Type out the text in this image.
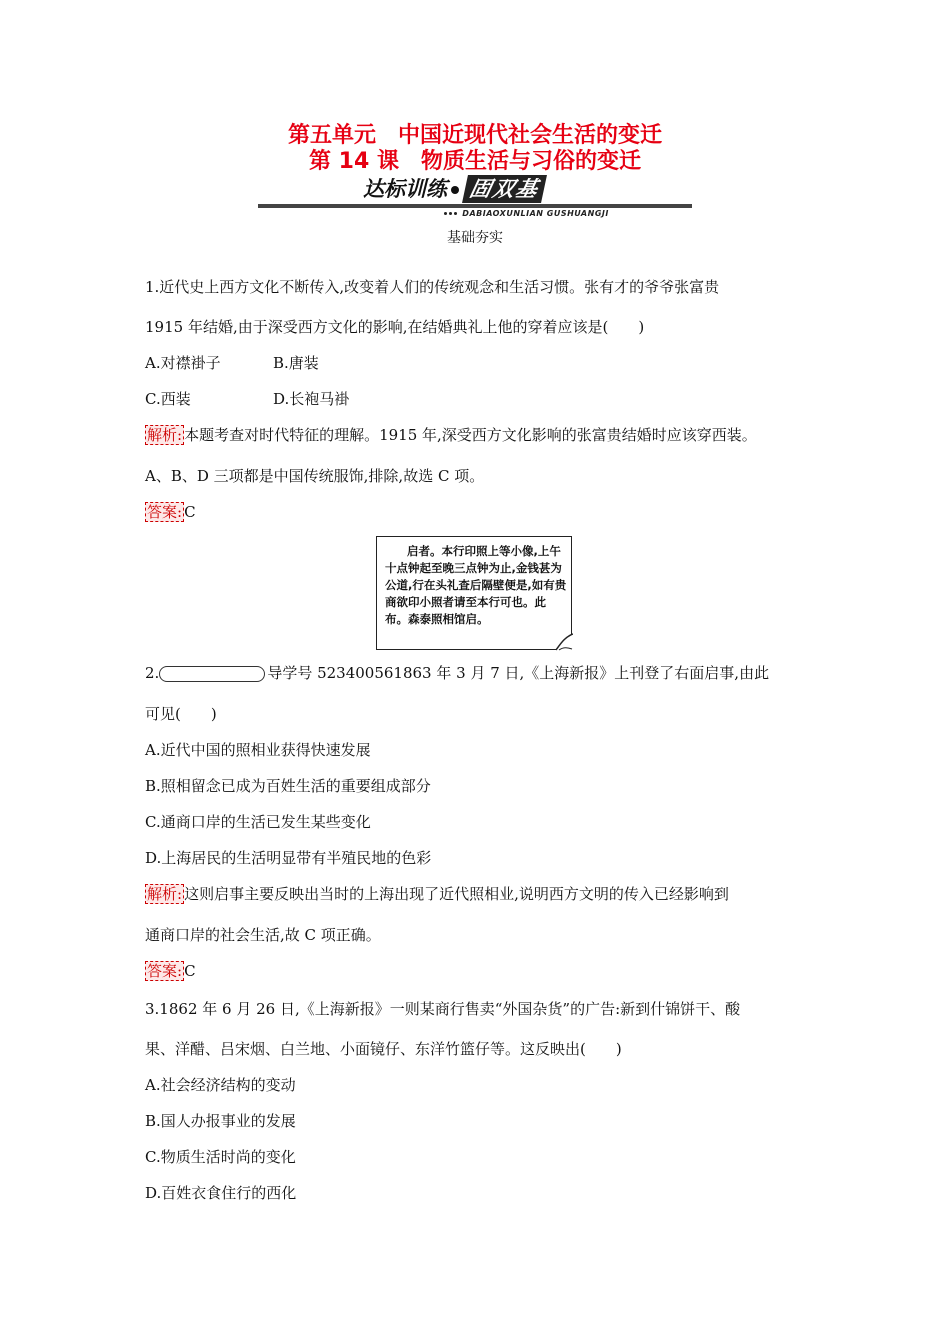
第五单元 中国近现代社会生活的变迁
第 14 课 物质生活与习俗的变迁
达标训练 固双基
DABIAOXUNLIAN GUSHUANGJI
基础夯实
1.近代史上西方文化不断传入,改变着人们的传统观念和生活习惯。张有才的爷爷张富贵
1915 年结婚,由于深受西方文化的影响,在结婚典礼上他的穿着应该是(　　)
A.对襟褂子	B.唐装
C.西装	D.长袍马褂
解析: 本题考查对时代特征的理解。1915 年,深受西方文化影响的张富贵结婚时应该穿西装。
A、B、D 三项都是中国传统服饰,排除,故选 C 项。
答案: C
启者。本行印照上等小像,上午十点钟起至晚三点钟为止,金钱甚为公道,行在头礼查后隔壁便是,如有贵商欲印小照者请至本行可也。此布。森泰照相馆启。
2.	导学号 523400561863 年 3 月 7 日,《上海新报》上刊登了右面启事,由此
可见(　　)
A.近代中国的照相业获得快速发展
B.照相留念已成为百姓生活的重要组成部分
C.通商口岸的生活已发生某些变化
D.上海居民的生活明显带有半殖民地的色彩
解析: 这则启事主要反映出当时的上海出现了近代照相业,说明西方文明的传入已经影响到
通商口岸的社会生活,故 C 项正确。
答案: C
3.1862 年 6 月 26 日,《上海新报》一则某商行售卖“外国杂货”的广告:新到什锦饼干、酸
果、洋醋、吕宋烟、白兰地、小面镜仔、东洋竹篮仔等。这反映出(　　)
A.社会经济结构的变动
B.国人办报事业的发展
C.物质生活时尚的变化
D.百姓衣食住行的西化
